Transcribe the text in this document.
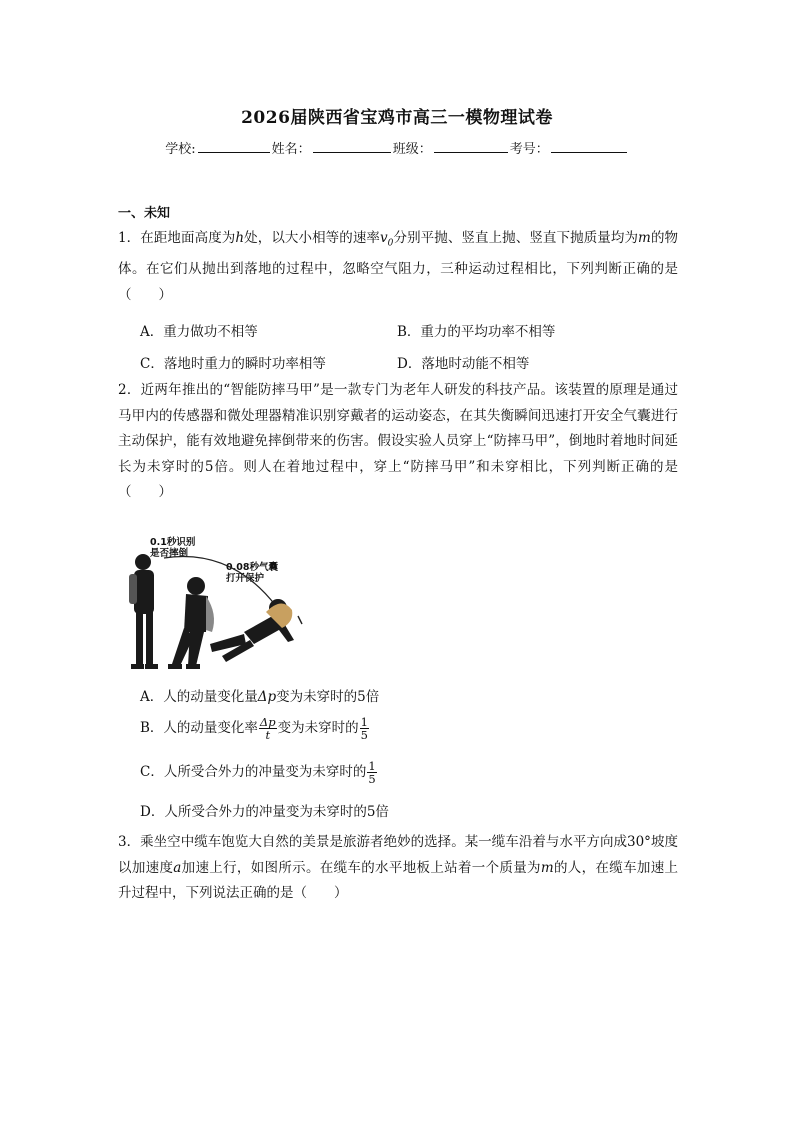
2026届陕西省宝鸡市高三一模物理试卷
学校:	姓名：	班级：	考号：
一、未知
1．在距地面高度为h处，以大小相等的速率$v_0$分别平抛、竖直上抛、竖直下抛质量均为m的物体。在它们从抛出到落地的过程中，忽略空气阻力，三种运动过程相比，下列判断正确的是（　　）
A．重力做功不相等	B．重力的平均功率不相等
C．落地时重力的瞬时功率相等	D．落地时动能不相等
2．近两年推出的“智能防摔马甲”是一款专门为老年人研发的科技产品。该装置的原理是通过马甲内的传感器和微处理器精准识别穿戴者的运动姿态，在其失衡瞬间迅速打开安全气囊进行主动保护，能有效地避免摔倒带来的伤害。假设实验人员穿上“防摔马甲”，倒地时着地时间延长为未穿时的5倍。则人在着地过程中，穿上“防摔马甲”和未穿相比，下列判断正确的是（　　）
0.1秒识别
是否摔倒
0.08秒气囊
打开保护
A．人的动量变化量Δp变为未穿时的5倍
B．人的动量变化率 $\frac{\Delta p}{t}$ 变为未穿时的 $\frac{1}{5}$
C．人所受合外力的冲量变为未穿时的 $\frac{1}{5}$
D．人所受合外力的冲量变为未穿时的5倍
3．乘坐空中缆车饱览大自然的美景是旅游者绝妙的选择。某一缆车沿着与水平方向成30°坡度以加速度a加速上行，如图所示。在缆车的水平地板上站着一个质量为m的人，在缆车加速上升过程中，下列说法正确的是（　　）
